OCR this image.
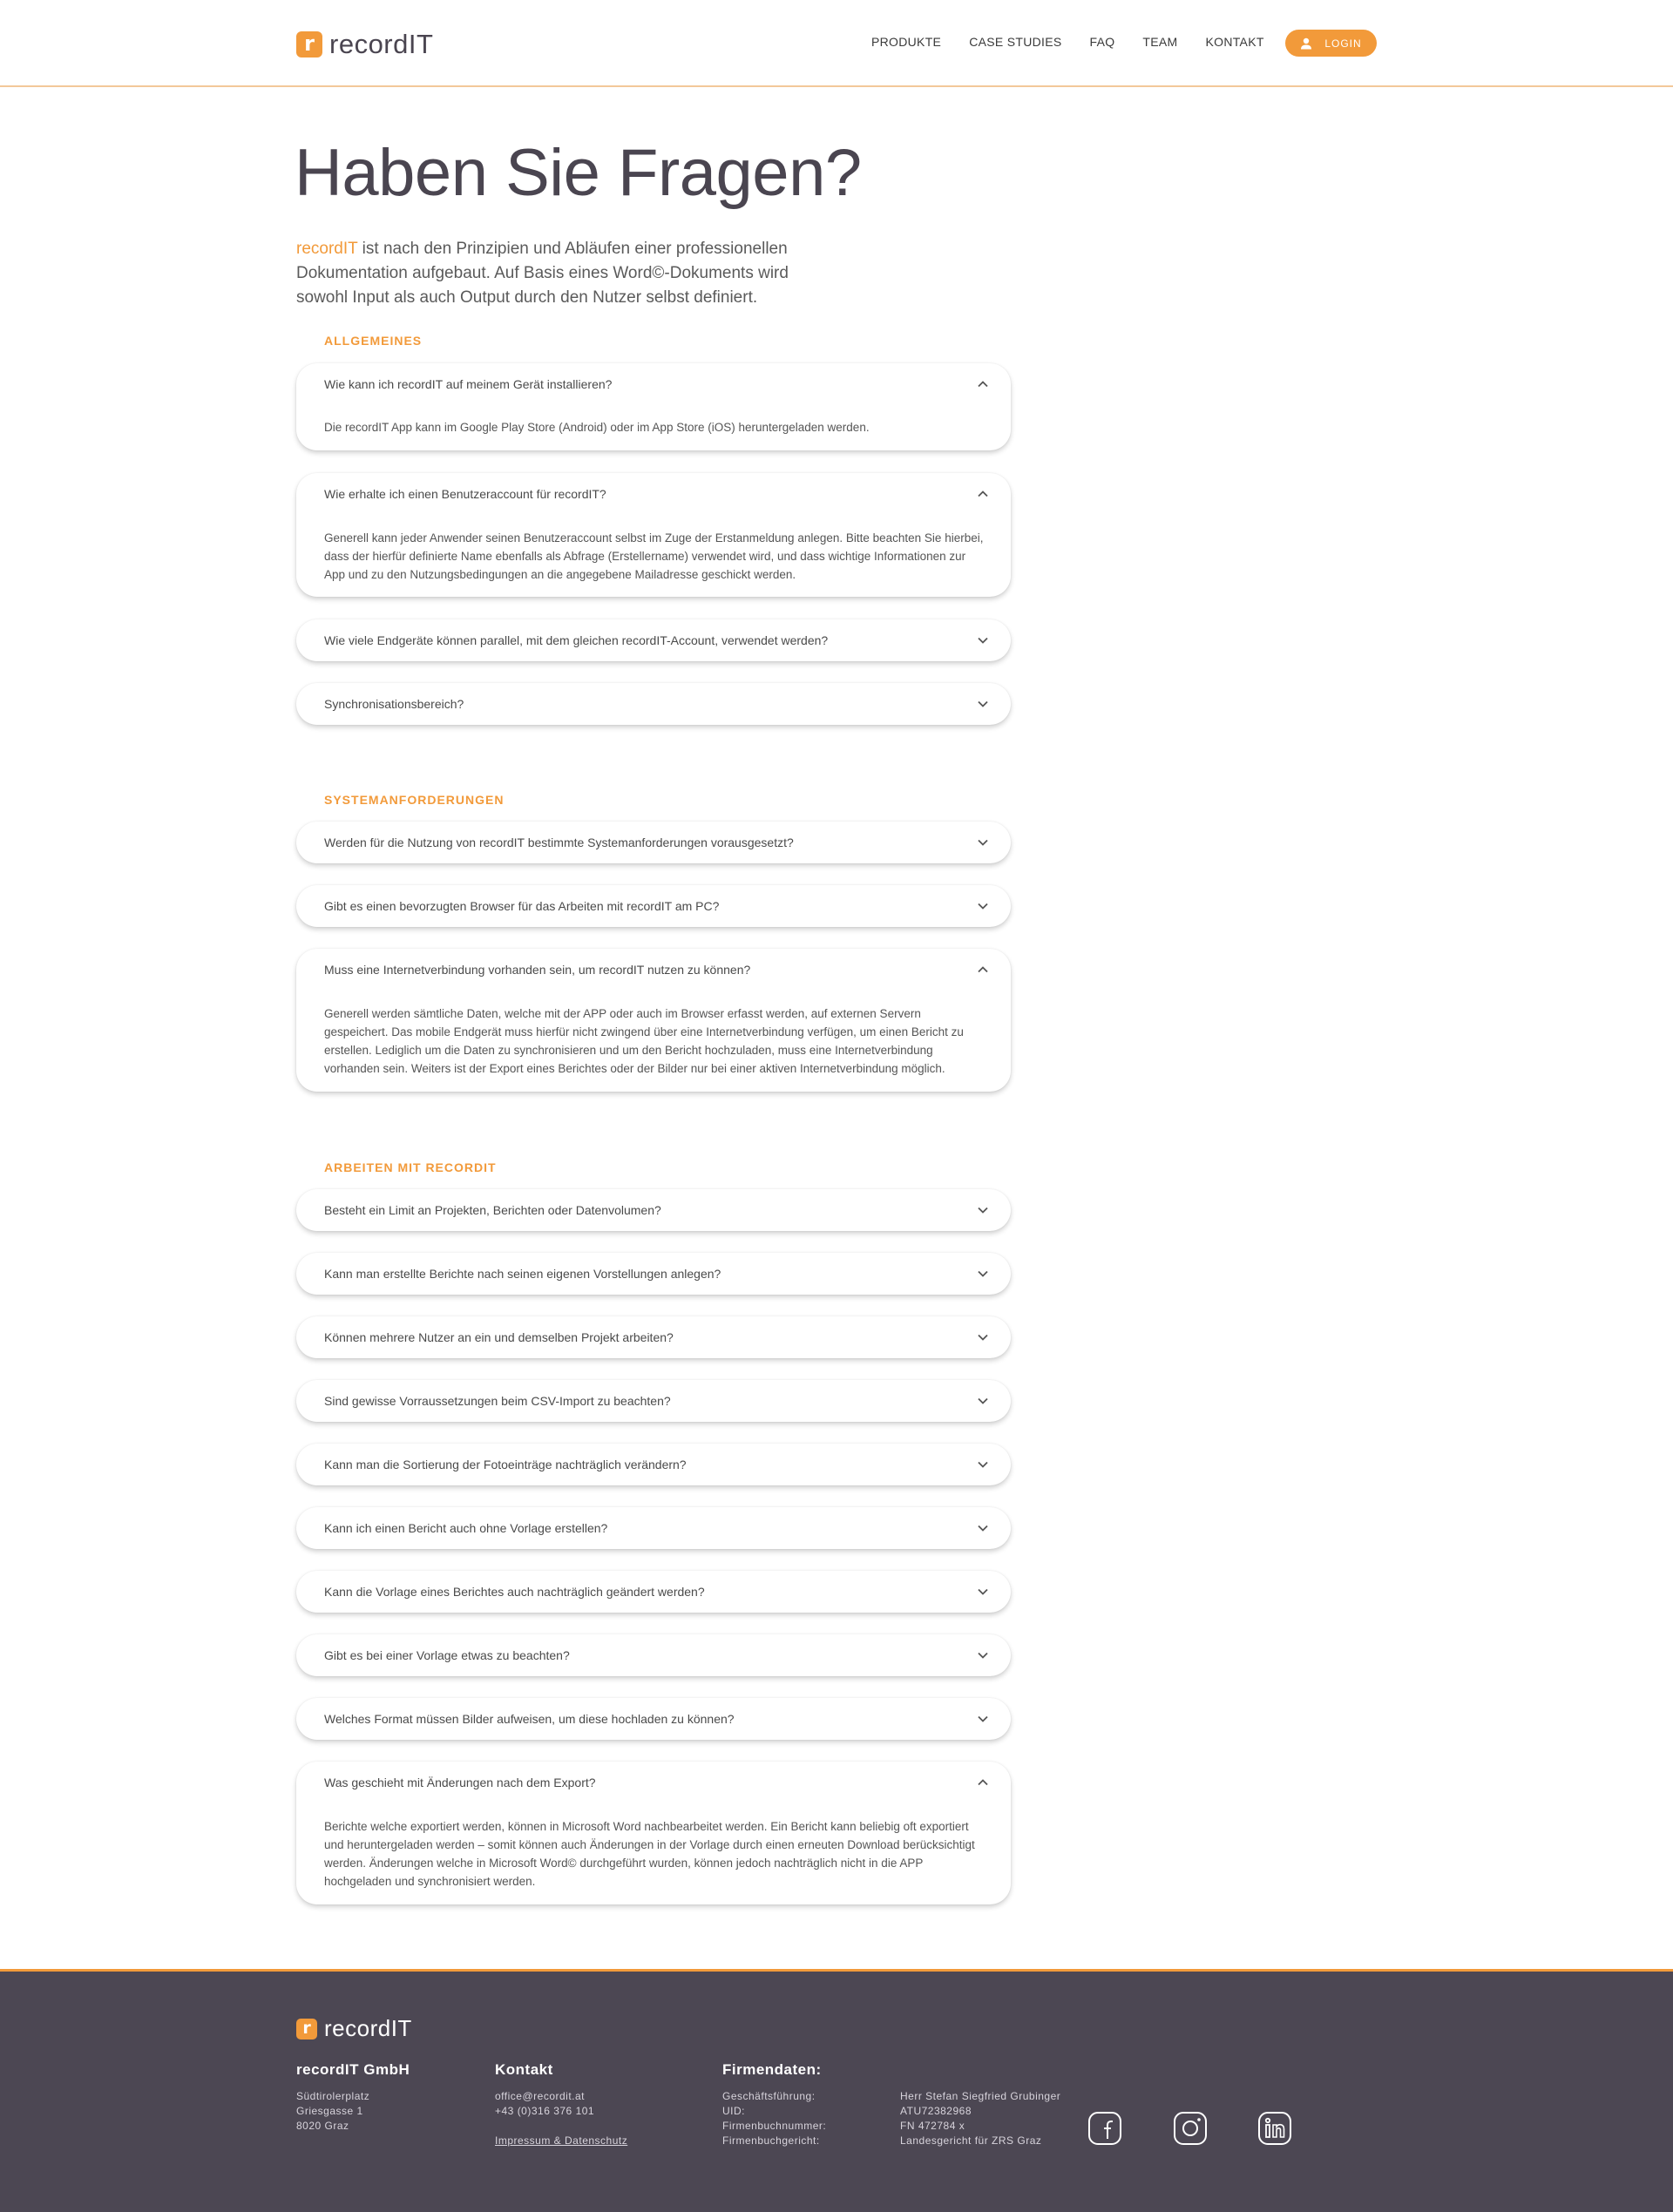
r recordIT	PRODUKTE CASE STUDIES FAQ TEAM KONTAKT	LOGIN
Haben Sie Fragen?

recordIT ist nach den Prinzipien und Abläufen einer professionellen Dokumentation aufgebaut. Auf Basis eines Word©-Dokuments wird sowohl Input als auch Output durch den Nutzer selbst definiert.

ALLGEMEINES
Wie kann ich recordIT auf meinem Gerät installieren?
Die recordIT App kann im Google Play Store (Android) oder im App Store (iOS) heruntergeladen werden.
Wie erhalte ich einen Benutzeraccount für recordIT?
Generell kann jeder Anwender seinen Benutzeraccount selbst im Zuge der Erstanmeldung anlegen. Bitte beachten Sie hierbei, dass der hierfür definierte Name ebenfalls als Abfrage (Erstellername) verwendet wird, und dass wichtige Informationen zur App und zu den Nutzungsbedingungen an die angegebene Mailadresse geschickt werden.
Wie viele Endgeräte können parallel, mit dem gleichen recordIT-Account, verwendet werden?
Synchronisationsbereich?
SYSTEMANFORDERUNGEN
Werden für die Nutzung von recordIT bestimmte Systemanforderungen vorausgesetzt?
Gibt es einen bevorzugten Browser für das Arbeiten mit recordIT am PC?
Muss eine Internetverbindung vorhanden sein, um recordIT nutzen zu können?
Generell werden sämtliche Daten, welche mit der APP oder auch im Browser erfasst werden, auf externen Servern gespeichert. Das mobile Endgerät muss hierfür nicht zwingend über eine Internetverbindung verfügen, um einen Bericht zu erstellen. Lediglich um die Daten zu synchronisieren und um den Bericht hochzuladen, muss eine Internetverbindung vorhanden sein. Weiters ist der Export eines Berichtes oder der Bilder nur bei einer aktiven Internetverbindung möglich.
ARBEITEN MIT RECORDIT
Besteht ein Limit an Projekten, Berichten oder Datenvolumen?
Kann man erstellte Berichte nach seinen eigenen Vorstellungen anlegen?
Können mehrere Nutzer an ein und demselben Projekt arbeiten?
Sind gewisse Vorraussetzungen beim CSV-Import zu beachten?
Kann man die Sortierung der Fotoeinträge nachträglich verändern?
Kann ich einen Bericht auch ohne Vorlage erstellen?
Kann die Vorlage eines Berichtes auch nachträglich geändert werden?
Gibt es bei einer Vorlage etwas zu beachten?
Welches Format müssen Bilder aufweisen, um diese hochladen zu können?
Was geschieht mit Änderungen nach dem Export?
Berichte welche exportiert werden, können in Microsoft Word nachbearbeitet werden. Ein Bericht kann beliebig oft exportiert und heruntergeladen werden – somit können auch Änderungen in der Vorlage durch einen erneuten Download berücksichtigt werden. Änderungen welche in Microsoft Word© durchgeführt wurden, können jedoch nachträglich nicht in die APP hochgeladen und synchronisiert werden.
r recordIT
recordIT GmbH
Südtirolerplatz
Griesgasse 1
8020 Graz
Kontakt
office@recordit.at
+43 (0)316 376 101
Impressum & Datenschutz
Firmendaten:
Geschäftsführung:
UID:
Firmenbuchnummer:
Firmenbuchgericht:
Herr Stefan Siegfried Grubinger
ATU72382968
FN 472784 x
Landesgericht für ZRS Graz
